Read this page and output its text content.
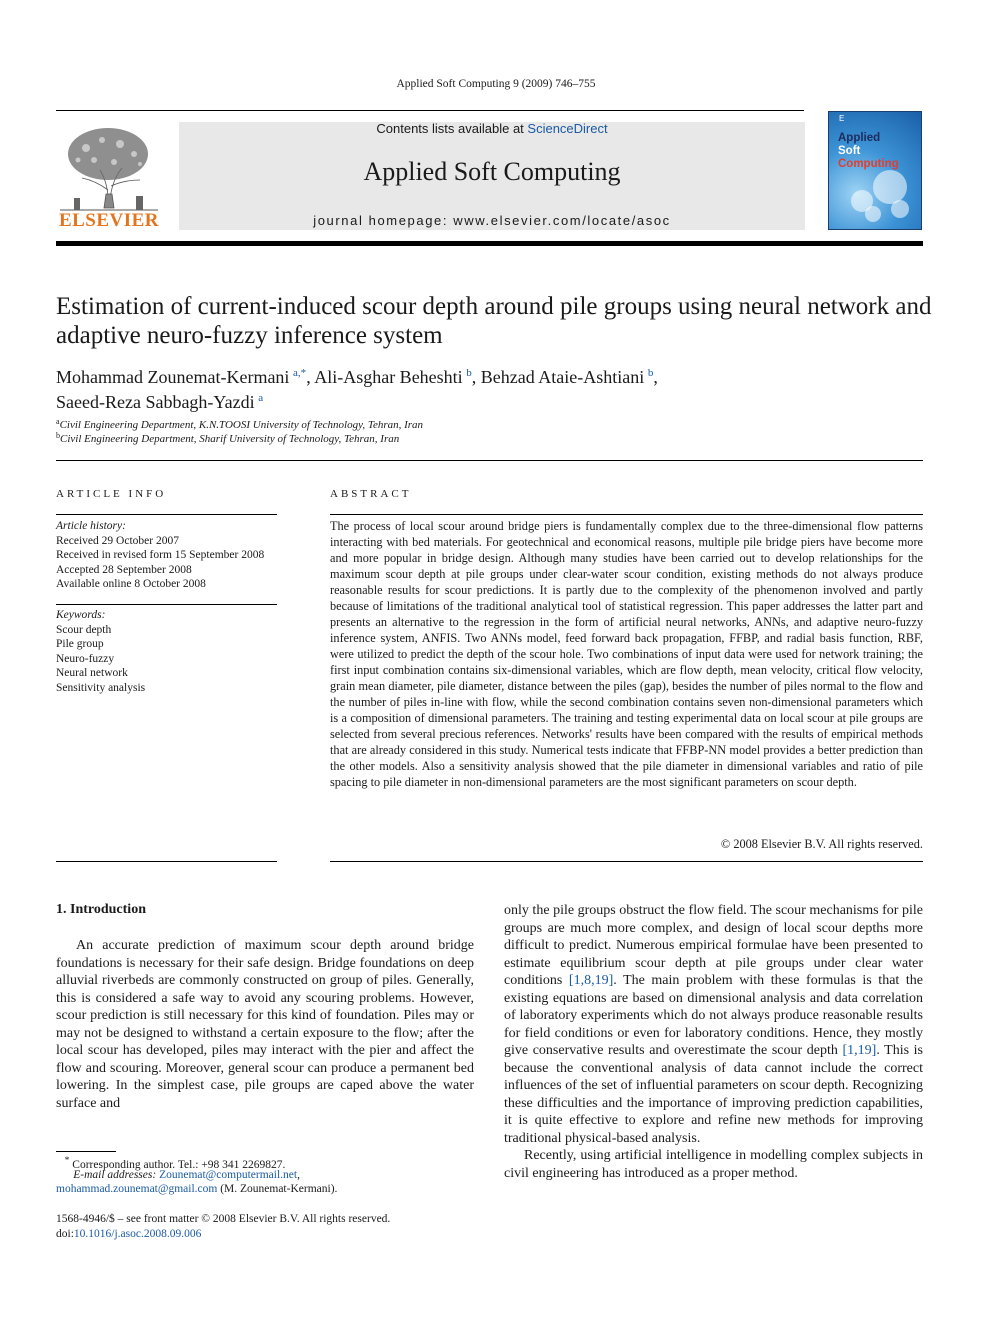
Applied Soft Computing 9 (2009) 746–755
ELSEVIER
Contents lists available at ScienceDirect
Applied Soft Computing
journal homepage: www.elsevier.com/locate/asoc
E
Applied
Soft
Computing
Estimation of current-induced scour depth around pile groups using neural network and adaptive neuro-fuzzy inference system
Mohammad Zounemat-Kermani  $^{a,*}$, Ali-Asghar Beheshti  $^b$, Behzad Ataie-Ashtiani  $^b$,
Saeed-Reza Sabbagh-Yazdi  $^a$
$^a$Civil Engineering Department, K.N.TOOSI University of Technology, Tehran, Iran
$^b$Civil Engineering Department, Sharif University of Technology, Tehran, Iran
ARTICLE INFO
Article history:
Received 29 October 2007
Received in revised form 15 September 2008
Accepted 28 September 2008
Available online 8 October 2008
Keywords:
Scour depth
Pile group
Neuro-fuzzy
Neural network
Sensitivity analysis
ABSTRACT
The process of local scour around bridge piers is fundamentally complex due to the three-dimensional flow patterns interacting with bed materials. For geotechnical and economical reasons, multiple pile bridge piers have become more and more popular in bridge design. Although many studies have been carried out to develop relationships for the maximum scour depth at pile groups under clear-water scour condition, existing methods do not always produce reasonable results for scour predictions. It is partly due to the complexity of the phenomenon involved and partly because of limitations of the traditional analytical tool of statistical regression. This paper addresses the latter part and presents an alternative to the regression in the form of artificial neural networks, ANNs, and adaptive neuro-fuzzy inference system, ANFIS. Two ANNs model, feed forward back propagation, FFBP, and radial basis function, RBF, were utilized to predict the depth of the scour hole. Two combinations of input data were used for network training; the first input combination contains six-dimensional variables, which are flow depth, mean velocity, critical flow velocity, grain mean diameter, pile diameter, distance between the piles (gap), besides the number of piles normal to the flow and the number of piles in-line with flow, while the second combination contains seven non-dimensional parameters which is a composition of dimensional parameters. The training and testing experimental data on local scour at pile groups are selected from several precious references. Networks' results have been compared with the results of empirical methods that are already considered in this study. Numerical tests indicate that FFBP-NN model provides a better prediction than the other models. Also a sensitivity analysis showed that the pile diameter in dimensional variables and ratio of pile spacing to pile diameter in non-dimensional parameters are the most significant parameters on scour depth.
© 2008 Elsevier B.V. All rights reserved.
1. Introduction

An accurate prediction of maximum scour depth around bridge foundations is necessary for their safe design. Bridge foundations on deep alluvial riverbeds are commonly constructed on group of piles. Generally, this is considered a safe way to avoid any scouring problems. However, scour prediction is still necessary for this kind of foundation. Piles may or may not be designed to withstand a certain exposure to the flow; after the local scour has developed, piles may interact with the pier and affect the flow and scouring. Moreover, general scour can produce a permanent bed lowering. In the simplest case, pile groups are caped above the water surface and

only the pile groups obstruct the flow field. The scour mechanisms for pile groups are much more complex, and design of local scour depths more difficult to predict. Numerous empirical formulae have been presented to estimate equilibrium scour depth at pile groups under clear water conditions [1,8,19]. The main problem with these formulas is that the existing equations are based on dimensional analysis and data correlation of laboratory experiments which do not always produce reasonable results for field conditions or even for laboratory conditions. Hence, they mostly give conservative results and overestimate the scour depth [1,19]. This is because the conventional analysis of data cannot include the correct influences of the set of influential parameters on scour depth. Recognizing these difficulties and the importance of improving prediction capabilities, it is quite effective to explore and refine new methods for improving traditional physical-based analysis.

Recently, using artificial intelligence in modelling complex subjects in civil engineering has introduced as a proper method.

* Corresponding author. Tel.: +98 341 2269827.
E-mail addresses: Zounemat@computermail.net,
mohammad.zounemat@gmail.com (M. Zounemat-Kermani).
1568-4946/$ – see front matter © 2008 Elsevier B.V. All rights reserved.
doi:10.1016/j.asoc.2008.09.006
